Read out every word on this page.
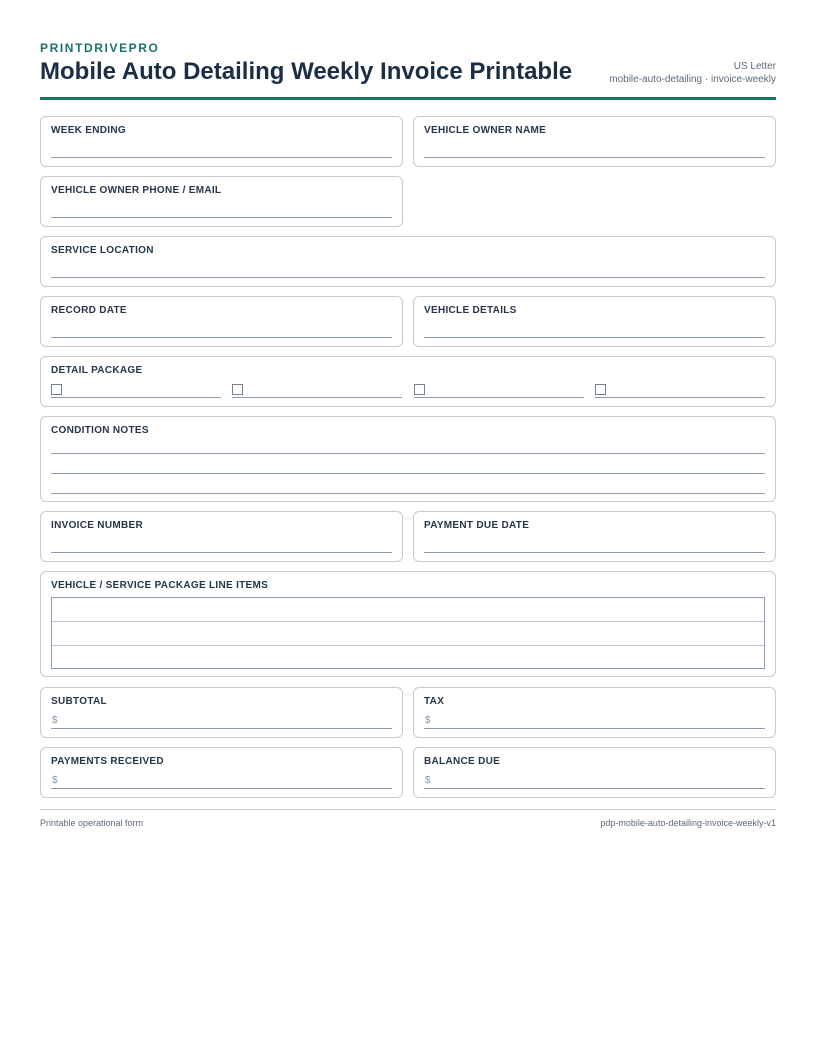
PRINTDRIVEPRO
Mobile Auto Detailing Weekly Invoice Printable	US Letter
mobile-auto-detailing · invoice-weekly
WEEK ENDING	VEHICLE OWNER NAME
VEHICLE OWNER PHONE / EMAIL
SERVICE LOCATION
RECORD DATE	VEHICLE DETAILS
DETAIL PACKAGE
CONDITION NOTES
INVOICE NUMBER	PAYMENT DUE DATE
VEHICLE / SERVICE PACKAGE LINE ITEMS
SUBTOTAL
$
TAX
$
PAYMENTS RECEIVED
$
BALANCE DUE
$
Printable operational form	pdp-mobile-auto-detailing-invoice-weekly-v1
